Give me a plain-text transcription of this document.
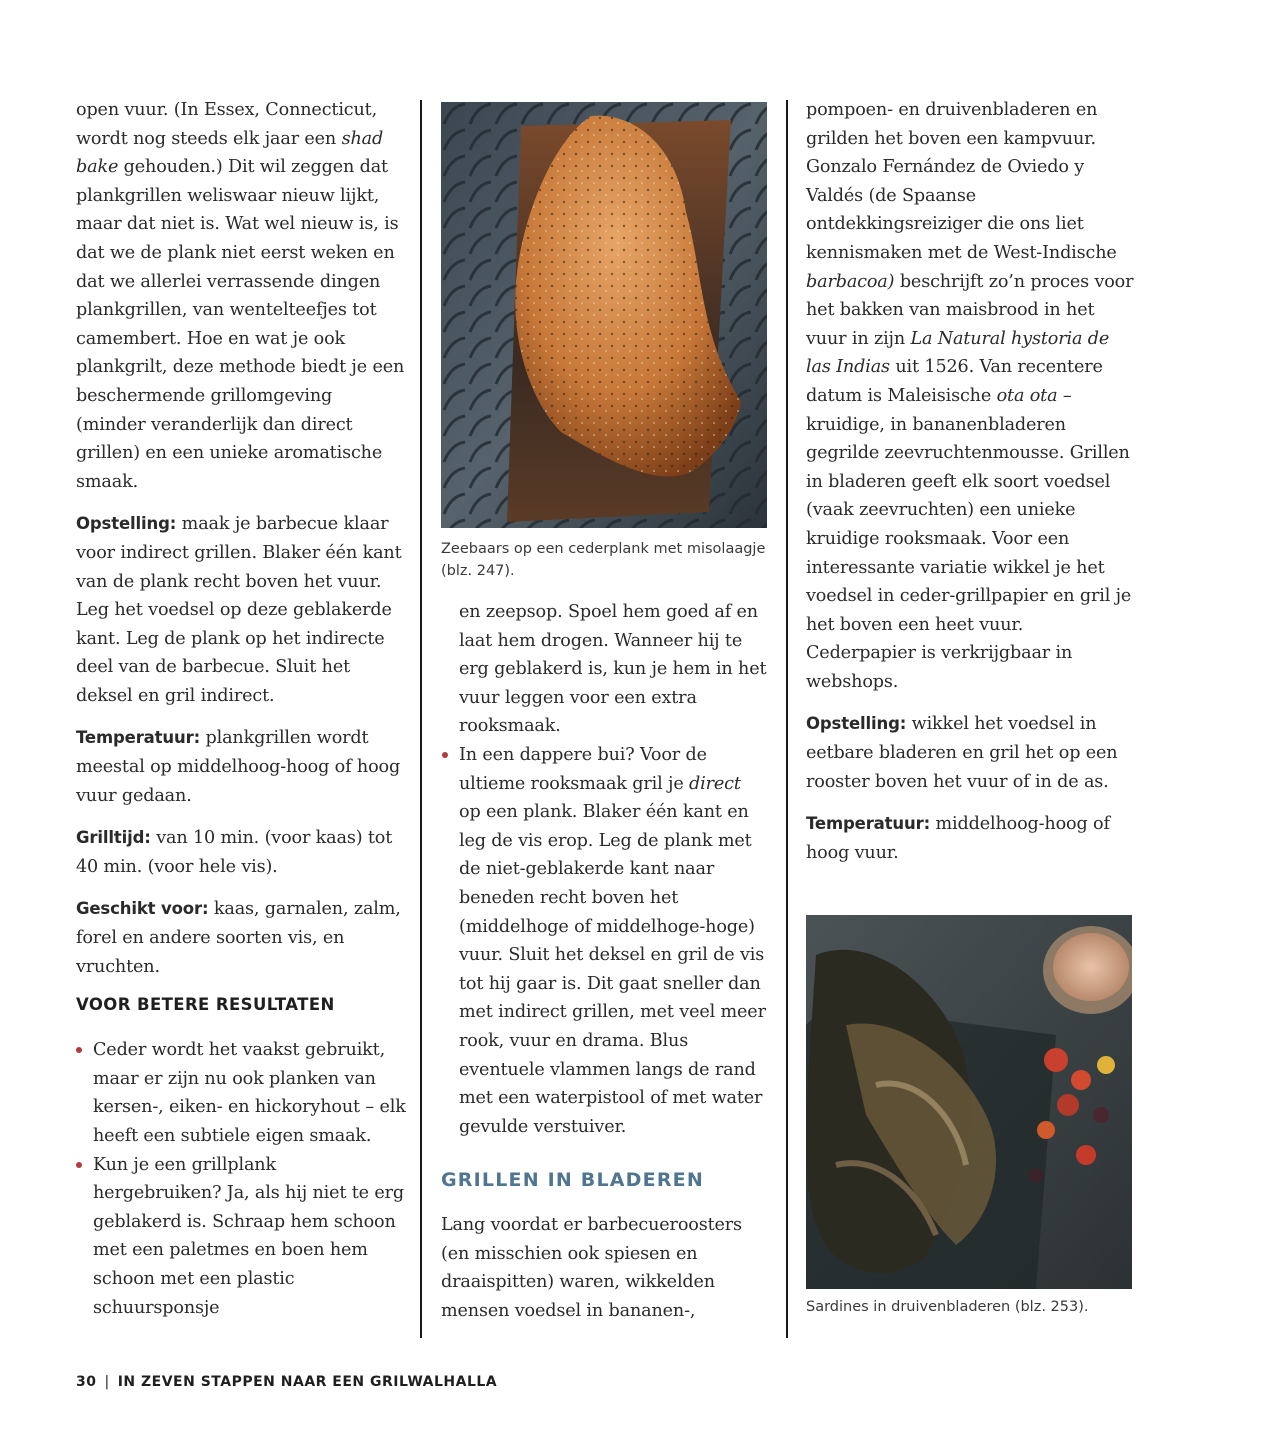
open vuur. (In Essex, Connecticut, wordt nog steeds elk jaar een shad bake gehouden.) Dit wil zeggen dat plankgrillen weliswaar nieuw lijkt, maar dat niet is. Wat wel nieuw is, is dat we de plank niet eerst weken en dat we allerlei verrassende dingen plankgrillen, van wentelteefjes tot camembert. Hoe en wat je ook plankgrilt, deze methode biedt je een beschermende grillomgeving (minder veranderlijk dan direct grillen) en een unieke aromatische smaak.

Opstelling: maak je barbecue klaar voor indirect grillen. Blaker één kant van de plank recht boven het vuur. Leg het voedsel op deze geblakerde kant. Leg de plank op het indirecte deel van de barbecue. Sluit het deksel en gril indirect.

Temperatuur: plankgrillen wordt meestal op middelhoog-hoog of hoog vuur gedaan.

Grilltijd: van 10 min. (voor kaas) tot 40 min. (voor hele vis).

Geschikt voor: kaas, garnalen, zalm, forel en andere soorten vis, en vruchten.

VOOR BETERE RESULTATEN

Ceder wordt het vaakst gebruikt, maar er zijn nu ook planken van kersen-, eiken- en hickoryhout – elk heeft een subtiele eigen smaak.

Kun je een grillplank hergebruiken? Ja, als hij niet te erg geblakerd is. Schraap hem schoon met een paletmes en boen hem schoon met een plastic schuursponsje

Zeebaars op een cederplank met misolaagje (blz. 247).

en zeepsop. Spoel hem goed af en laat hem drogen. Wanneer hij te erg geblakerd is, kun je hem in het vuur leggen voor een extra rooksmaak.

In een dappere bui? Voor de ultieme rooksmaak gril je direct op een plank. Blaker één kant en leg de vis erop. Leg de plank met de niet-geblakerde kant naar beneden recht boven het (middelhoge of middelhoge-hoge) vuur. Sluit het deksel en gril de vis tot hij gaar is. Dit gaat sneller dan met indirect grillen, met veel meer rook, vuur en drama. Blus eventuele vlammen langs de rand met een waterpistool of met water gevulde verstuiver.

GRILLEN IN BLADEREN

Lang voordat er barbecueroosters (en misschien ook spiesen en draaispitten) waren, wikkelden mensen voedsel in bananen-,

pompoen- en druivenbladeren en grilden het boven een kampvuur. Gonzalo Fernández de Oviedo y Valdés (de Spaanse ontdekkingsreiziger die ons liet kennismaken met de West-Indische barbacoa) beschrijft zo’n proces voor het bakken van maisbrood in het vuur in zijn La Natural hystoria de las Indias uit 1526. Van recentere datum is Maleisische ota ota – kruidige, in bananenbladeren gegrilde zeevruchtenmousse. Grillen in bladeren geeft elk soort voedsel (vaak zeevruchten) een unieke kruidige rooksmaak. Voor een interessante variatie wikkel je het voedsel in ceder-grillpapier en gril je het boven een heet vuur. Cederpapier is verkrijgbaar in webshops.

Opstelling: wikkel het voedsel in eetbare bladeren en gril het op een rooster boven het vuur of in de as.

Temperatuur: middelhoog-hoog of hoog vuur.

Sardines in druivenbladeren (blz. 253).

30 | IN ZEVEN STAPPEN NAAR EEN GRILWALHALLA
